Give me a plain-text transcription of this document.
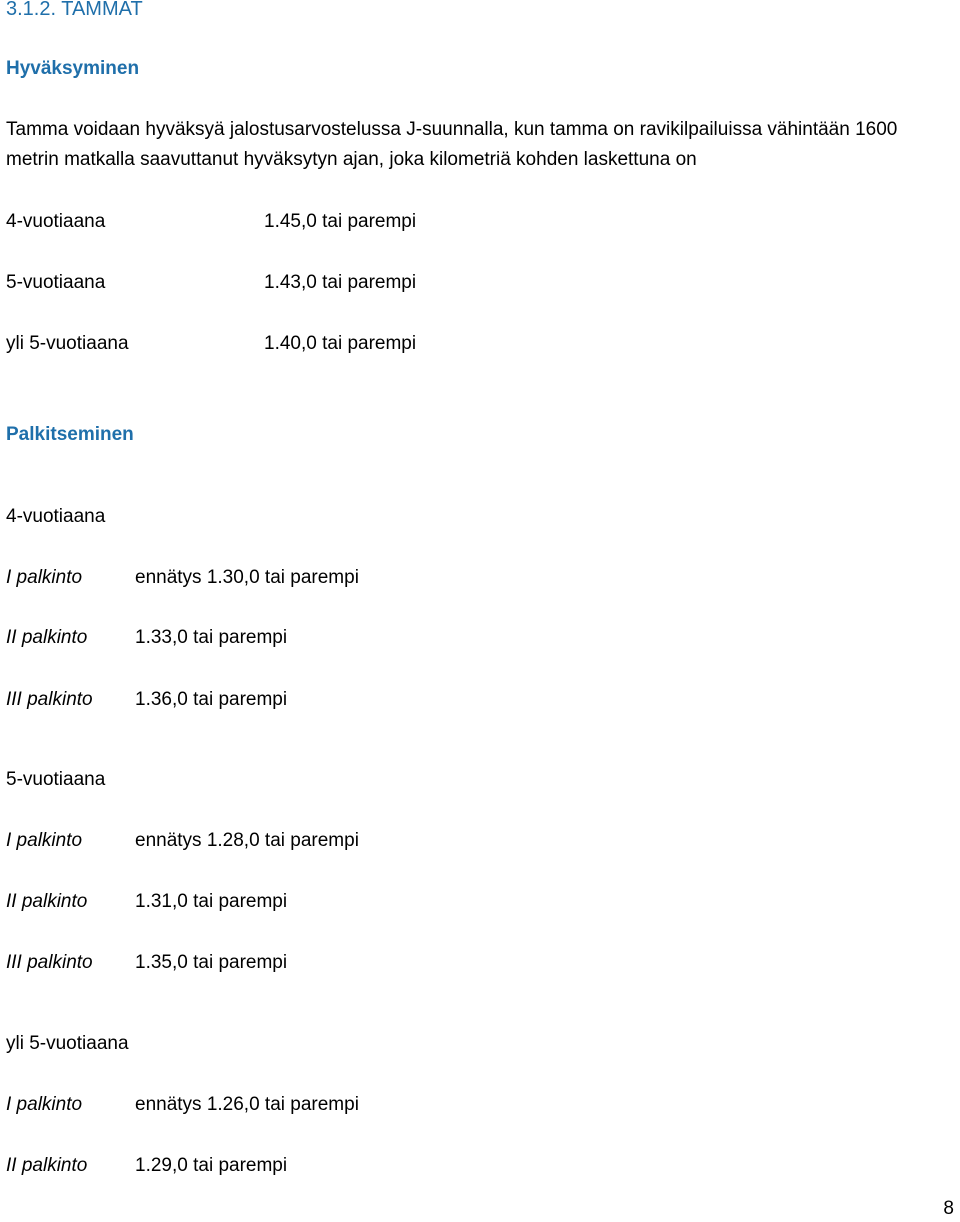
3.1.2. TAMMAT
Hyväksyminen
Tamma voidaan hyväksyä jalostusarvostelussa J-suunnalla, kun tamma on ravikilpailuissa vähintään 1600 metrin matkalla saavuttanut hyväksytyn ajan, joka kilometriä kohden laskettuna on
4-vuotiaana	1.45,0 tai parempi
5-vuotiaana	1.43,0 tai parempi
yli 5-vuotiaana	1.40,0 tai parempi
Palkitseminen
4-vuotiaana
I palkinto	ennätys 1.30,0 tai parempi
II palkinto	1.33,0 tai parempi
III palkinto 1.36,0 tai parempi
5-vuotiaana
I palkinto	ennätys 1.28,0 tai parempi
II palkinto	1.31,0 tai parempi
III palkinto 1.35,0 tai parempi
yli 5-vuotiaana
I palkinto	ennätys 1.26,0 tai parempi
II palkinto	1.29,0 tai parempi
8
